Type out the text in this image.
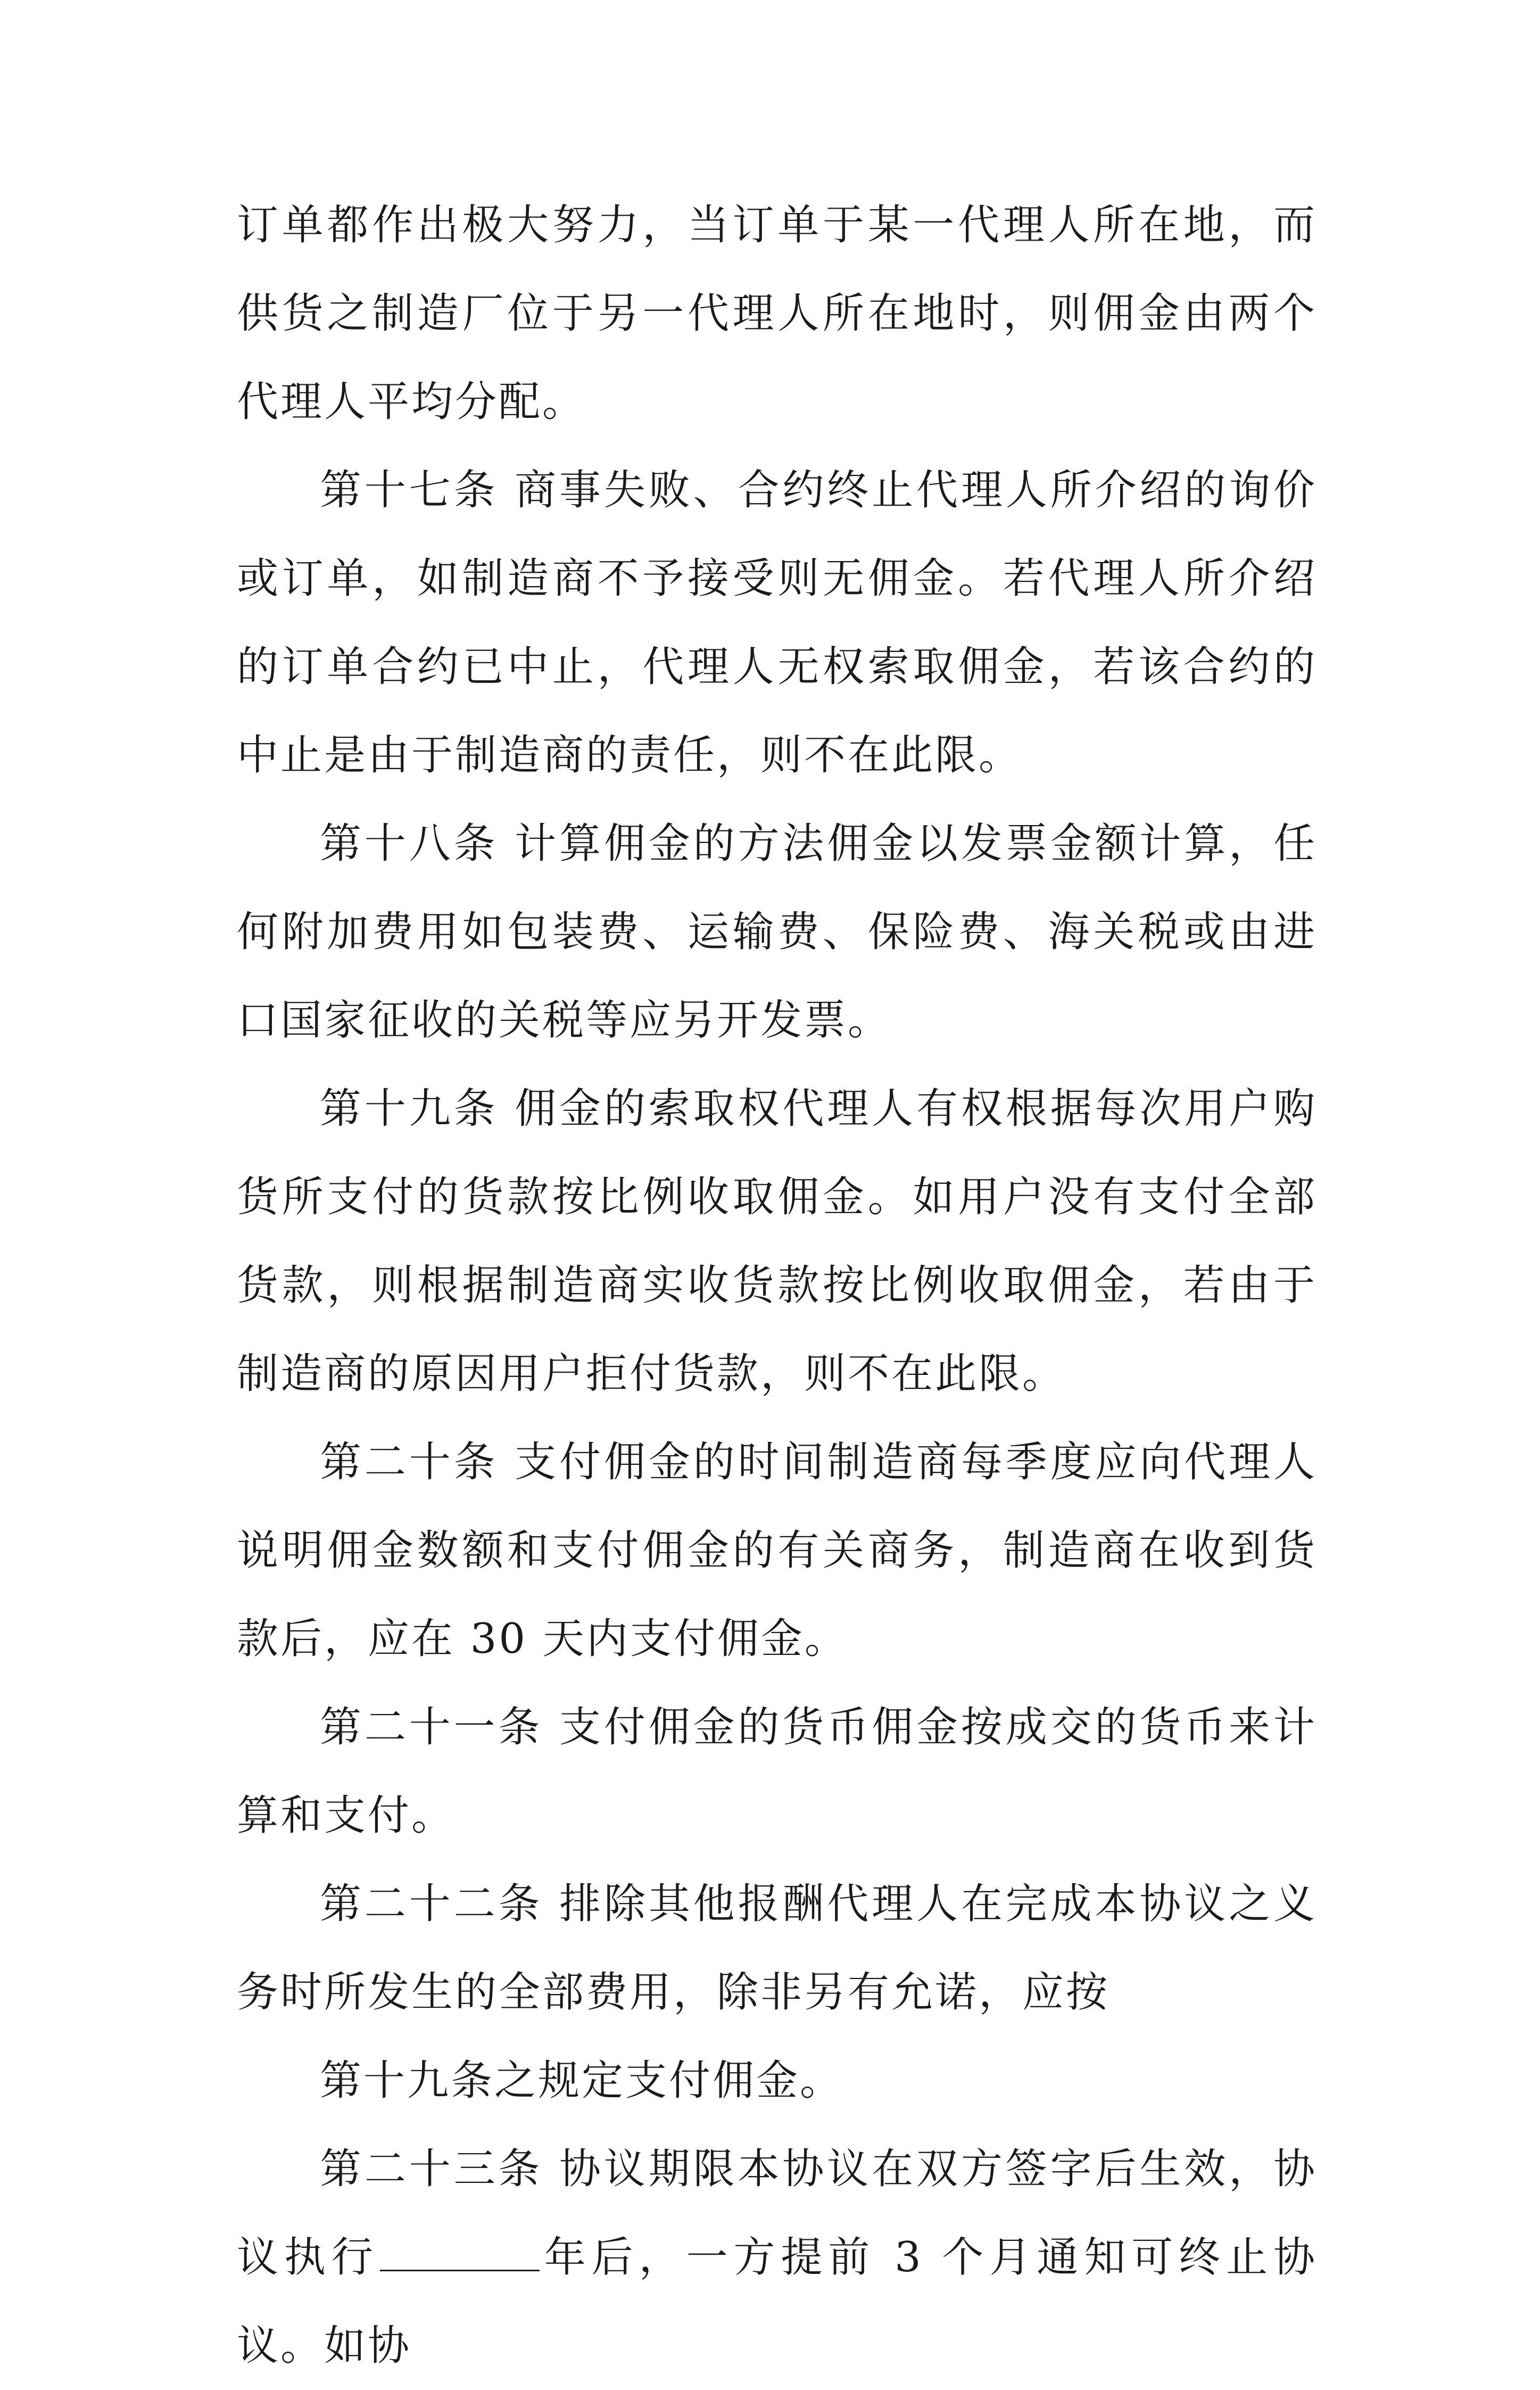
订单都作出极大努力，当订单于某一代理人所在地，而供货之制造厂位于另一代理人所在地时，则佣金由两个代理人平均分配。

第十七条 商事失败、合约终止代理人所介绍的询价或订单，如制造商不予接受则无佣金。若代理人所介绍的订单合约已中止，代理人无权索取佣金，若该合约的中止是由于制造商的责任，则不在此限。

第十八条 计算佣金的方法佣金以发票金额计算，任何附加费用如包装费、运输费、保险费、海关税或由进口国家征收的关税等应另开发票。

第十九条 佣金的索取权代理人有权根据每次用户购货所支付的货款按比例收取佣金。如用户没有支付全部货款，则根据制造商实收货款按比例收取佣金，若由于制造商的原因用户拒付货款，则不在此限。

第二十条 支付佣金的时间制造商每季度应向代理人说明佣金数额和支付佣金的有关商务，制造商在收到货款后，应在 30 天内支付佣金。

第二十一条 支付佣金的货币佣金按成交的货币来计算和支付。

第二十二条 排除其他报酬代理人在完成本协议之义务时所发生的全部费用，除非另有允诺，应按

第十九条之规定支付佣金。

第二十三条 协议期限本协议在双方签字后生效，协议执行	年后，一方提前 3 个月通知可终止协议。如协
